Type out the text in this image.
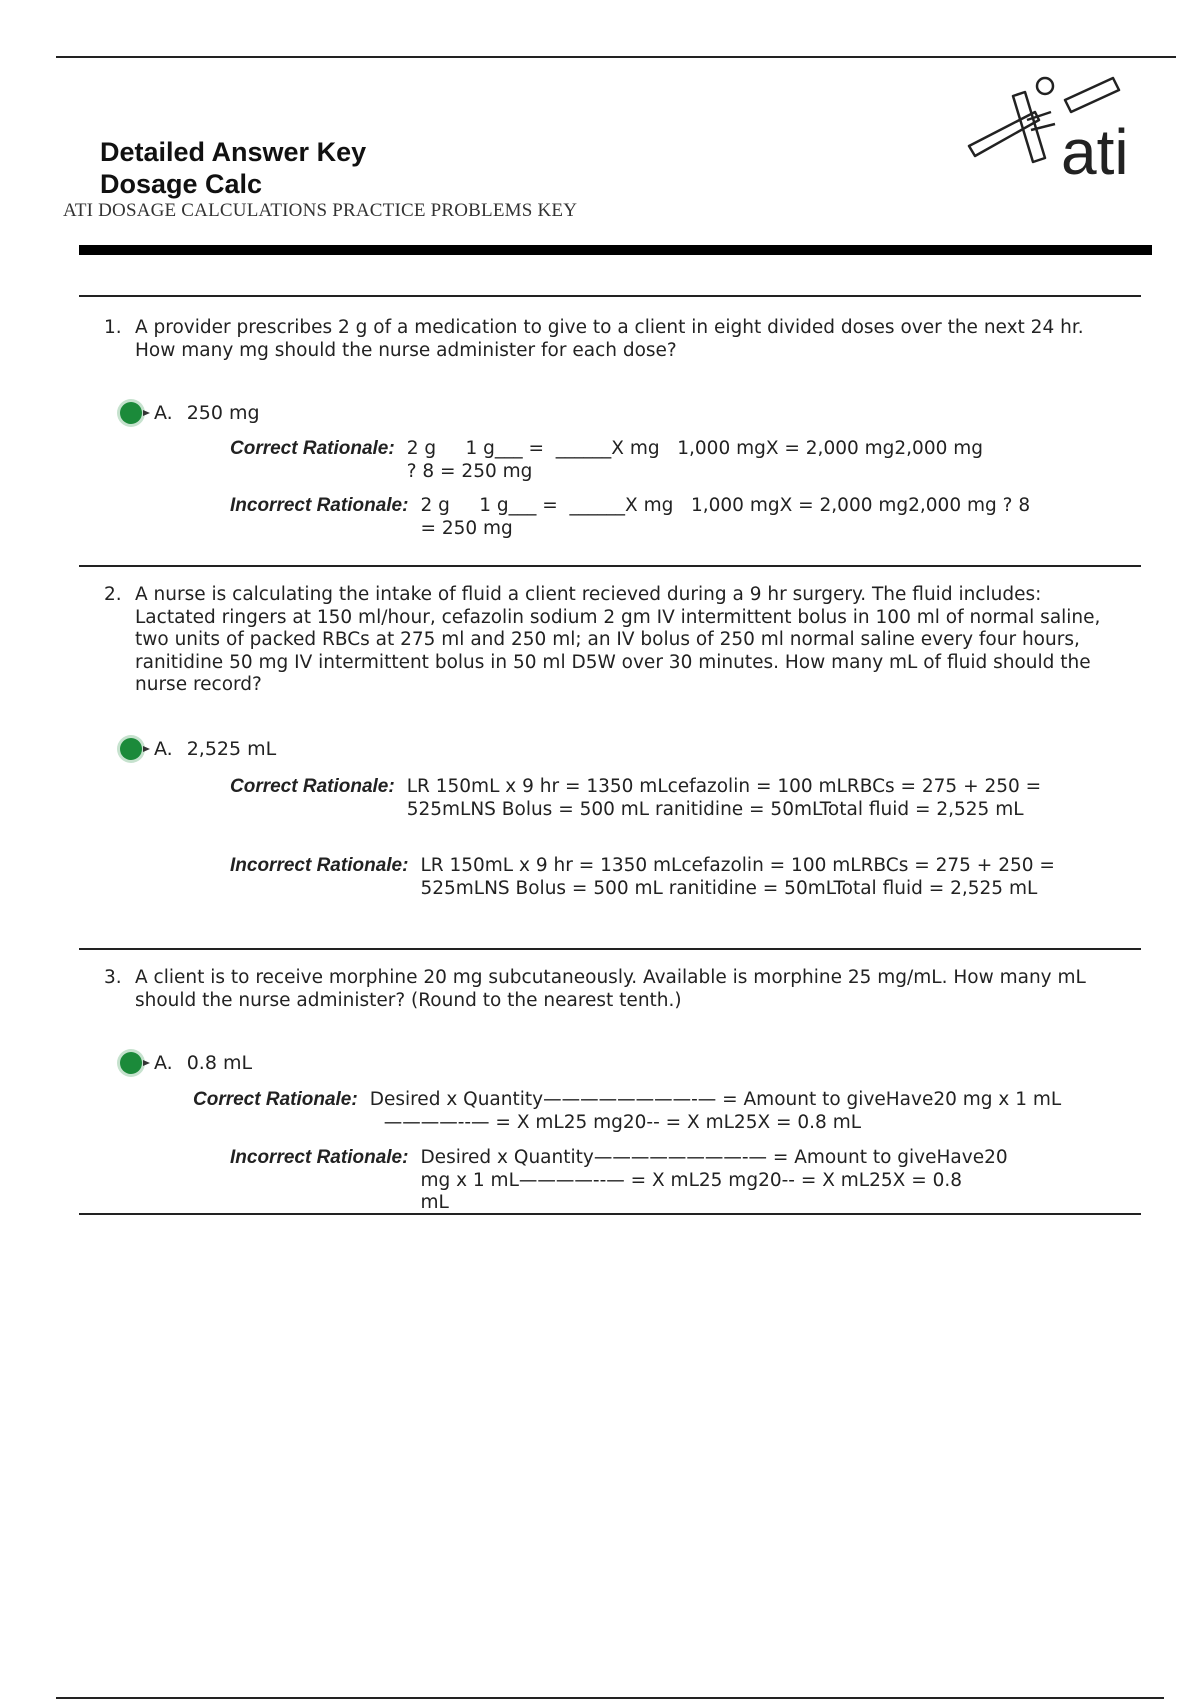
Detailed Answer Key
Dosage Calc
ATI DOSAGE CALCULATIONS PRACTICE PROBLEMS KEY
ati
1. A provider prescribes 2 g of a medication to give to a client in eight divided doses over the next 24 hr. How many mg should the nurse administer for each dose?
A. 250 mg
Correct Rationale: 2 g     1 g___ =  ______X mg   1,000 mgX = 2,000 mg2,000 mg
? 8 = 250 mg
Incorrect Rationale: 2 g     1 g___ =  ______X mg   1,000 mgX = 2,000 mg2,000 mg ? 8
= 250 mg
2. A nurse is calculating the intake of fluid a client recieved during a 9 hr surgery. The fluid includes: Lactated ringers at 150 ml/hour, cefazolin sodium 2 gm IV intermittent bolus in 100 ml of normal saline, two units of packed RBCs at 275 ml and 250 ml; an IV bolus of 250 ml normal saline every four hours, ranitidine 50 mg IV intermittent bolus in 50 ml D5W over 30 minutes. How many mL of fluid should the nurse record?
A. 2,525 mL
Correct Rationale: LR 150mL x 9 hr = 1350 mLcefazolin = 100 mLRBCs = 275 + 250 = 525mLNS Bolus = 500 mL ranitidine = 50mLTotal fluid = 2,525 mL
Incorrect Rationale: LR 150mL x 9 hr = 1350 mLcefazolin = 100 mLRBCs = 275 + 250 = 525mLNS Bolus = 500 mL ranitidine = 50mLTotal fluid = 2,525 mL
3. A client is to receive morphine 20 mg subcutaneously. Available is morphine 25 mg/mL. How many mL should the nurse administer? (Round to the nearest tenth.)
A. 0.8 mL
Correct Rationale: Desired x Quantity————————-— = Amount to giveHave20 mg x 1 mL
————--— = X mL25 mg20-- = X mL25X = 0.8 mL
Incorrect Rationale: Desired x Quantity————————-— = Amount to giveHave20
mg x 1 mL————--— = X mL25 mg20-- = X mL25X = 0.8
mL
